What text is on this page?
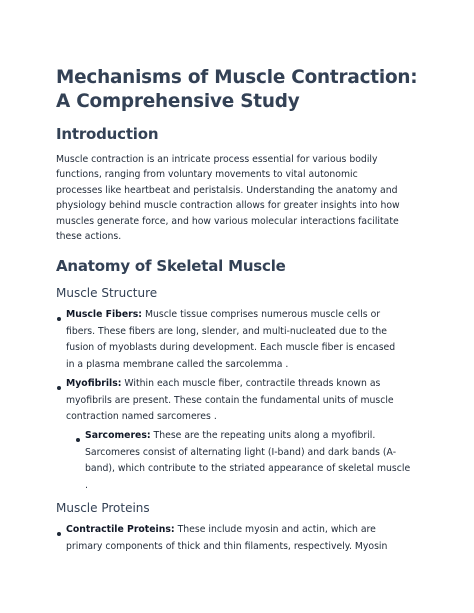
Mechanisms of Muscle Contraction: A Comprehensive Study
Introduction

Muscle contraction is an intricate process essential for various bodily
functions, ranging from voluntary movements to vital autonomic
processes like heartbeat and peristalsis. Understanding the anatomy and
physiology behind muscle contraction allows for greater insights into how
muscles generate force, and how various molecular interactions facilitate
these actions.

Anatomy of Skeletal Muscle
Muscle Structure
Muscle Fibers: Muscle tissue comprises numerous muscle cells or
fibers. These fibers are long, slender, and multi-nucleated due to the
fusion of myoblasts during development. Each muscle fiber is encased
in a plasma membrane called the sarcolemma .
Myofibrils: Within each muscle fiber, contractile threads known as
myofibrils are present. These contain the fundamental units of muscle
contraction named sarcomeres .
Sarcomeres: These are the repeating units along a myofibril.
Sarcomeres consist of alternating light (I-band) and dark bands (A-
band), which contribute to the striated appearance of skeletal muscle
.
Muscle Proteins
Contractile Proteins: These include myosin and actin, which are
primary components of thick and thin filaments, respectively. Myosin
